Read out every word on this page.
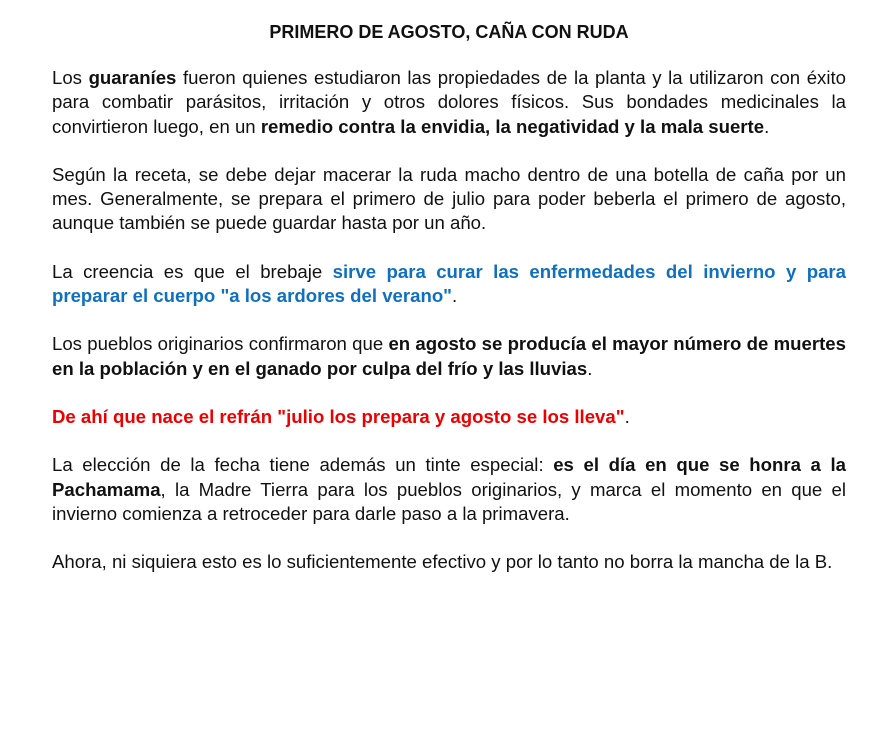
PRIMERO DE AGOSTO, CAÑA CON RUDA

Los guaraníes fueron quienes estudiaron las propiedades de la planta y la utilizaron con éxito para combatir parásitos, irritación y otros dolores físicos. Sus bondades medicinales la convirtieron luego, en un remedio contra la envidia, la negatividad y la mala suerte.

Según la receta, se debe dejar macerar la ruda macho dentro de una botella de caña por un mes. Generalmente, se prepara el primero de julio para poder beberla el primero de agosto, aunque también se puede guardar hasta por un año.

La creencia es que el brebaje sirve para curar las enfermedades del invierno y para preparar el cuerpo "a los ardores del verano".

Los pueblos originarios confirmaron que en agosto se producía el mayor número de muertes en la población y en el ganado por culpa del frío y las lluvias.

De ahí que nace el refrán "julio los prepara y agosto se los lleva".

La elección de la fecha tiene además un tinte especial: es el día en que se honra a la Pachamama, la Madre Tierra para los pueblos originarios, y marca el momento en que el invierno comienza a retroceder para darle paso a la primavera.

Ahora, ni siquiera esto es lo suficientemente efectivo y por lo tanto no borra la mancha de la B.
